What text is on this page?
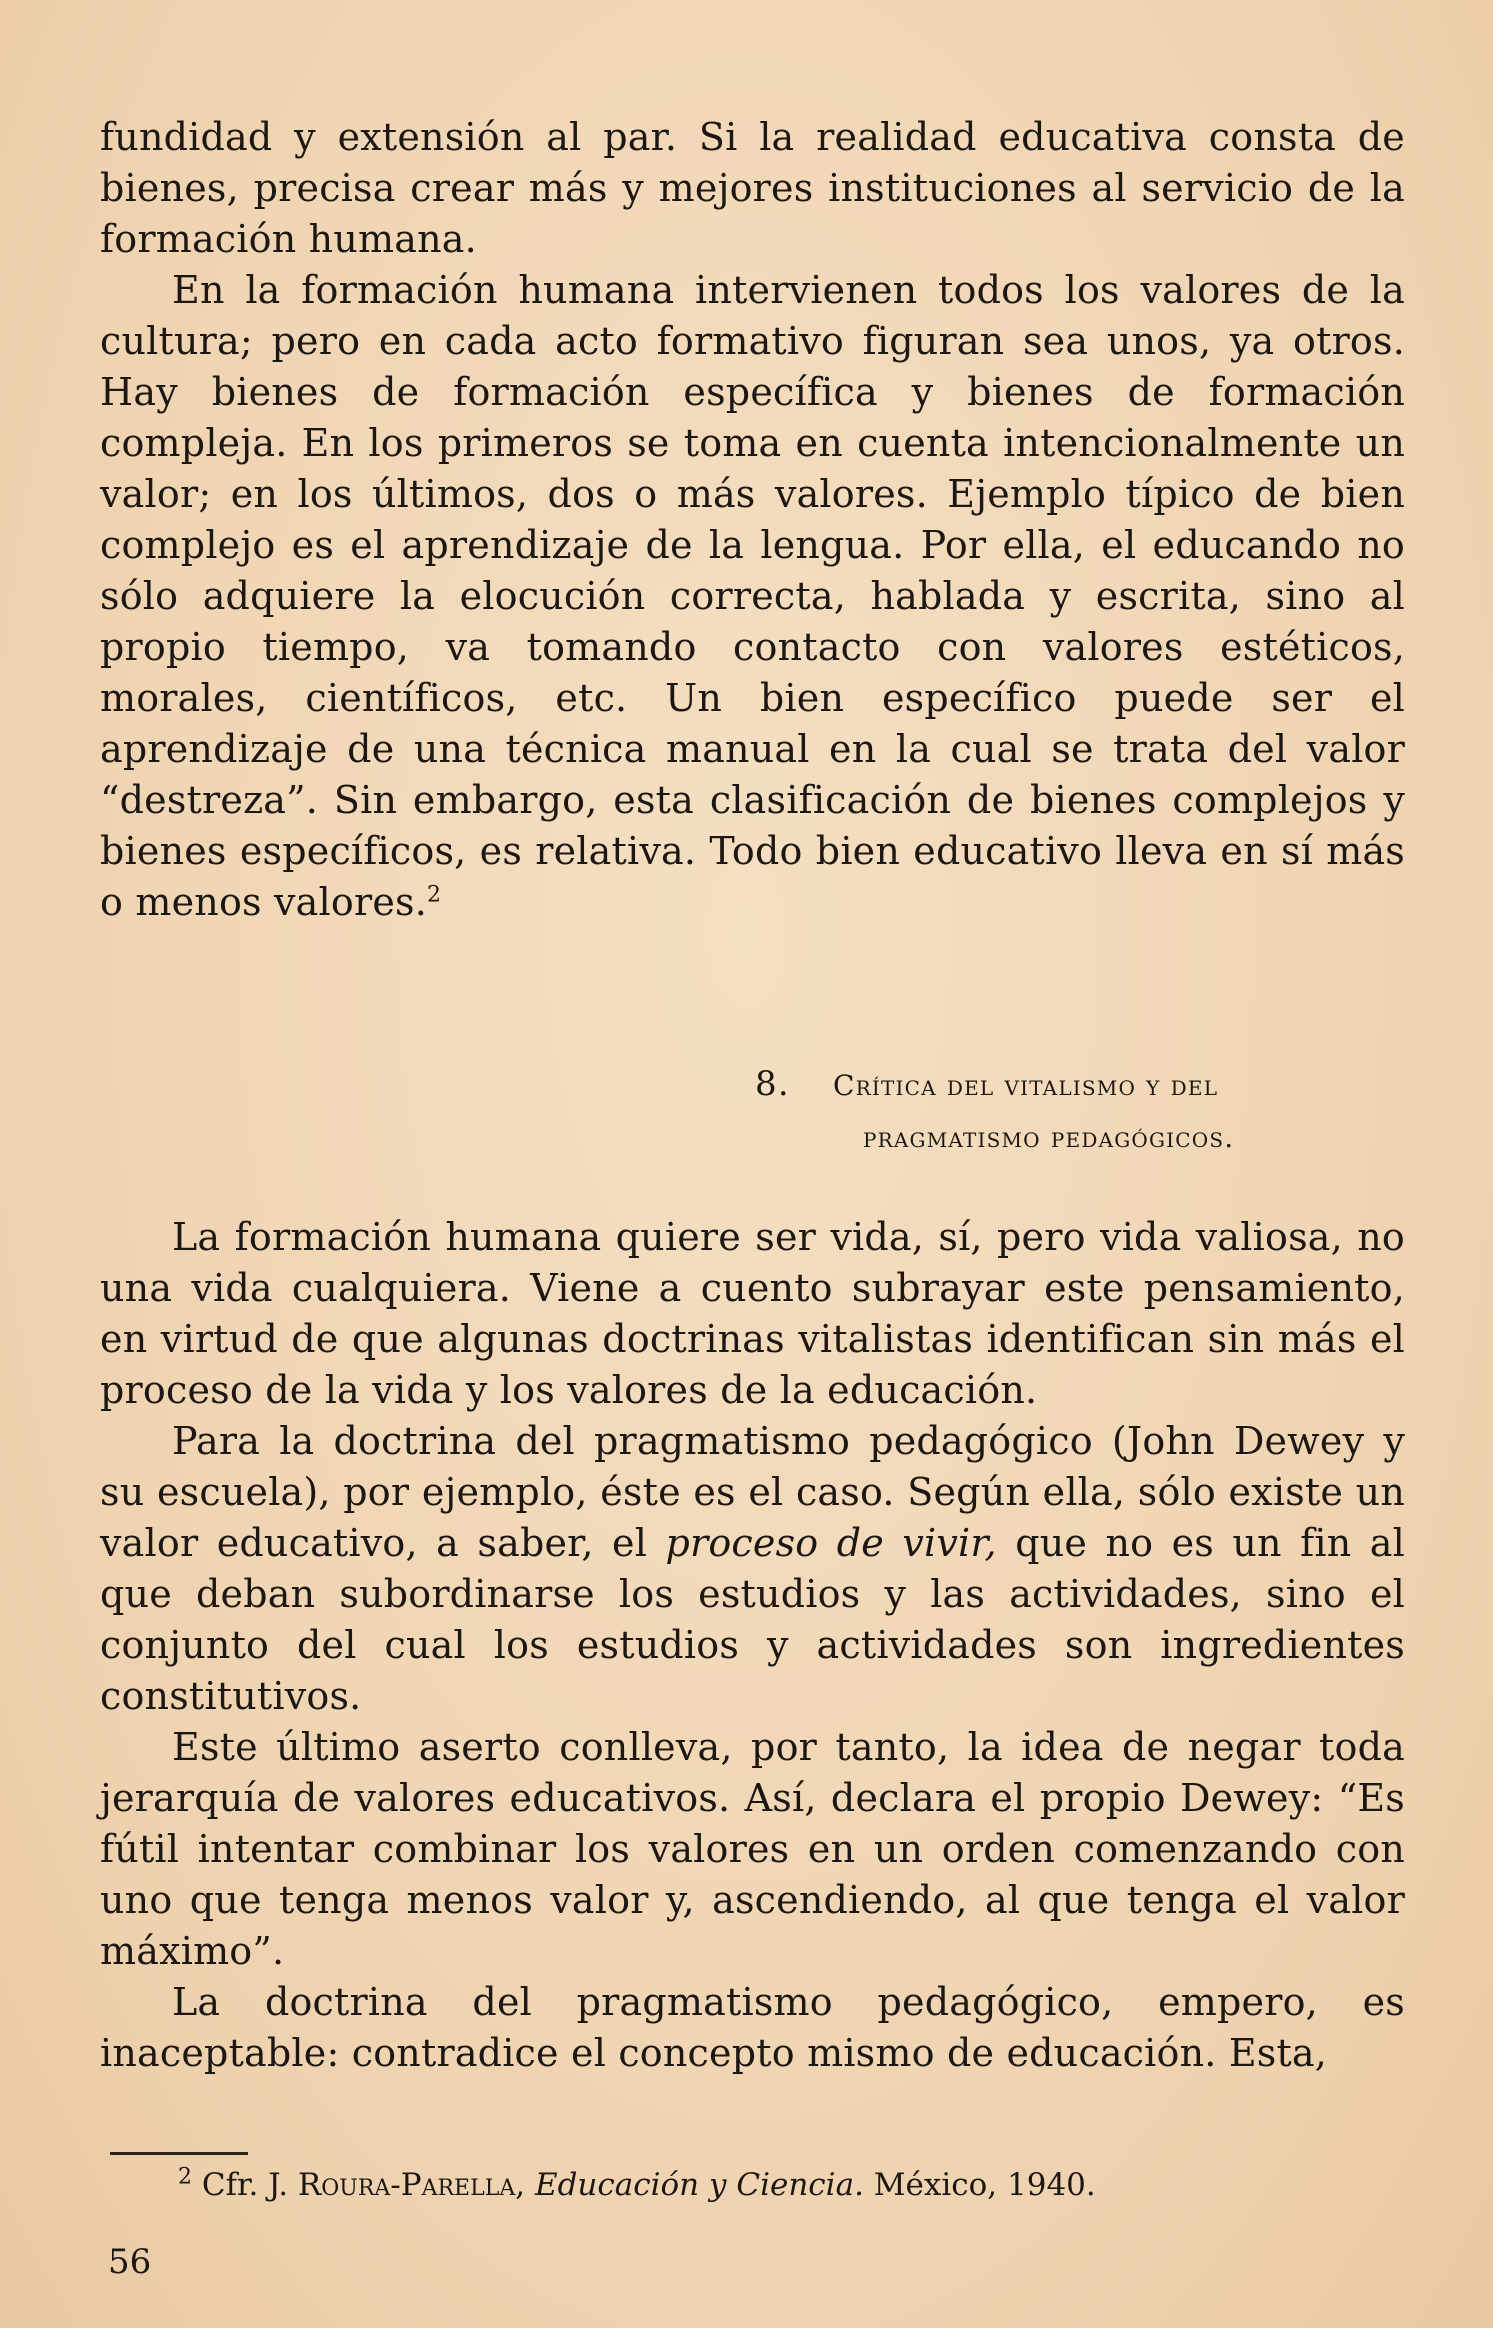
fundidad y extensión al par. Si la realidad educativa consta de bienes, precisa crear más y mejores instituciones al servicio de la formación humana.

En la formación humana intervienen todos los valores de la cultura; pero en cada acto formativo figuran sea unos, ya otros. Hay bienes de formación específica y bienes de formación compleja. En los primeros se toma en cuenta intencionalmente un valor; en los últimos, dos o más valores. Ejemplo típico de bien complejo es el aprendizaje de la lengua. Por ella, el educando no sólo adquiere la elocución correcta, hablada y escrita, sino al propio tiempo, va tomando contacto con valores estéticos, morales, científicos, etc. Un bien específico puede ser el aprendizaje de una técnica manual en la cual se trata del valor “destreza”. Sin embargo, esta clasificación de bienes complejos y bienes específicos, es relativa. Todo bien educativo lleva en sí más o menos valores.$^2$

8. Crítica del vitalismo y del
pragmatismo pedagógicos.

La formación humana quiere ser vida, sí, pero vida valiosa, no una vida cualquiera. Viene a cuento subrayar este pensamiento, en virtud de que algunas doctrinas vitalistas identifican sin más el proceso de la vida y los valores de la educación.

Para la doctrina del pragmatismo pedagógico (John Dewey y su escuela), por ejemplo, éste es el caso. Según ella, sólo existe un valor educativo, a saber, el proceso de vivir, que no es un fin al que deban subordinarse los estudios y las actividades, sino el conjunto del cual los estudios y actividades son ingredientes constitutivos.

Este último aserto conlleva, por tanto, la idea de negar toda jerarquía de valores educativos. Así, declara el propio Dewey: “Es fútil intentar combinar los valores en un orden comenzando con uno que tenga menos valor y, ascendiendo, al que tenga el valor máximo”.

La doctrina del pragmatismo pedagógico, empero, es inaceptable: contradice el concepto mismo de educación. Esta,

$^2$ Cfr. J. Roura-Parella, Educación y Ciencia. México, 1940.
56
